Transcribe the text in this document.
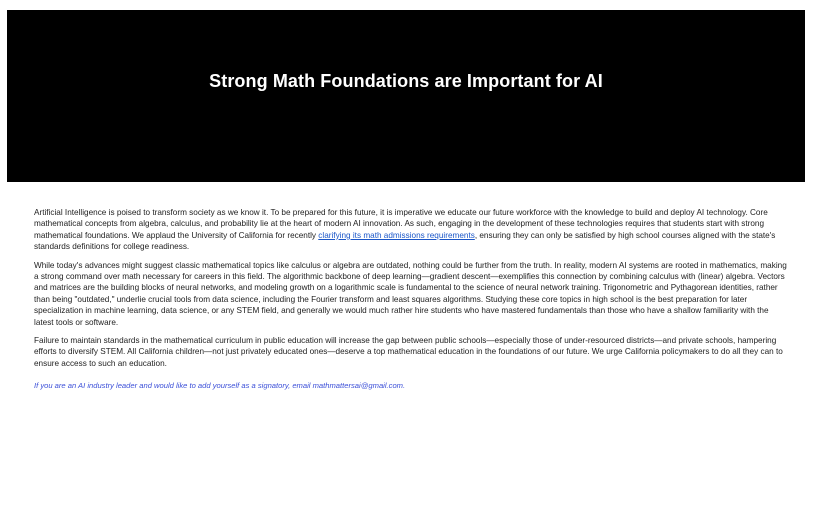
Strong Math Foundations are Important for AI

Artificial Intelligence is poised to transform society as we know it. To be prepared for this future, it is imperative we educate our future workforce with the knowledge to build and deploy AI technology. Core mathematical concepts from algebra, calculus, and probability lie at the heart of modern AI innovation. As such, engaging in the development of these technologies requires that students start with strong mathematical foundations. We applaud the University of California for recently clarifying its math admissions requirements, ensuring they can only be satisfied by high school courses aligned with the state's standards definitions for college readiness.

While today's advances might suggest classic mathematical topics like calculus or algebra are outdated, nothing could be further from the truth. In reality, modern AI systems are rooted in mathematics, making a strong command over math necessary for careers in this field. The algorithmic backbone of deep learning—gradient descent—exemplifies this connection by combining calculus with (linear) algebra. Vectors and matrices are the building blocks of neural networks, and modeling growth on a logarithmic scale is fundamental to the science of neural network training. Trigonometric and Pythagorean identities, rather than being "outdated," underlie crucial tools from data science, including the Fourier transform and least squares algorithms. Studying these core topics in high school is the best preparation for later specialization in machine learning, data science, or any STEM field, and generally we would much rather hire students who have mastered fundamentals than those who have a shallow familiarity with the latest tools or software.

Failure to maintain standards in the mathematical curriculum in public education will increase the gap between public schools—especially those of under-resourced districts—and private schools, hampering efforts to diversify STEM. All California children—not just privately educated ones—deserve a top mathematical education in the foundations of our future. We urge California policymakers to do all they can to ensure access to such an education.

If you are an AI industry leader and would like to add yourself as a signatory, email mathmattersai@gmail.com.
